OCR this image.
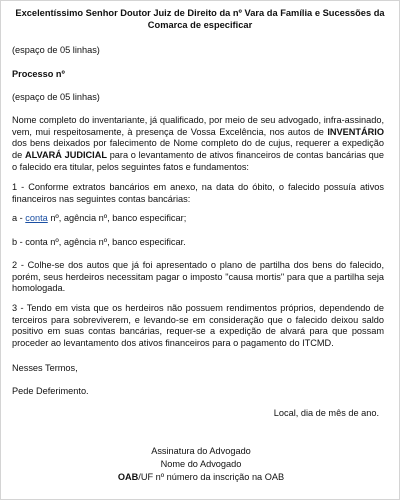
Excelentíssimo Senhor Doutor Juiz de Direito da nº Vara da Família e Sucessões da
Comarca de especificar
(espaço de 05 linhas)
Processo nº
(espaço de 05 linhas)

Nome completo do inventariante, já qualificado, por meio de seu advogado, infra-assinado, vem, mui respeitosamente, à presença de Vossa Excelência, nos autos de INVENTÁRIO dos bens deixados por falecimento de Nome completo do de cujus, requerer a expedição de ALVARÁ JUDICIAL para o levantamento de ativos financeiros de contas bancárias que o falecido era titular, pelos seguintes fatos e fundamentos:

1 - Conforme extratos bancários em anexo, na data do óbito, o falecido possuía ativos financeiros nas seguintes contas bancárias:

a - conta nº, agência nº, banco especificar;
b - conta nº, agência nº, banco especificar.

2 - Colhe-se dos autos que já foi apresentado o plano de partilha dos bens do falecido, porém, seus herdeiros necessitam pagar o imposto "causa mortis" para que a partilha seja homologada.

3 - Tendo em vista que os herdeiros não possuem rendimentos próprios, dependendo de terceiros para sobreviverem, e levando-se em consideração que o falecido deixou saldo positivo em suas contas bancárias, requer-se a expedição de alvará para que possam proceder ao levantamento dos ativos financeiros para o pagamento do ITCMD.

Nesses Termos,
Pede Deferimento.
Local, dia de mês de ano.
Assinatura do Advogado
Nome do Advogado
OAB/UF nº número da inscrição na OAB
